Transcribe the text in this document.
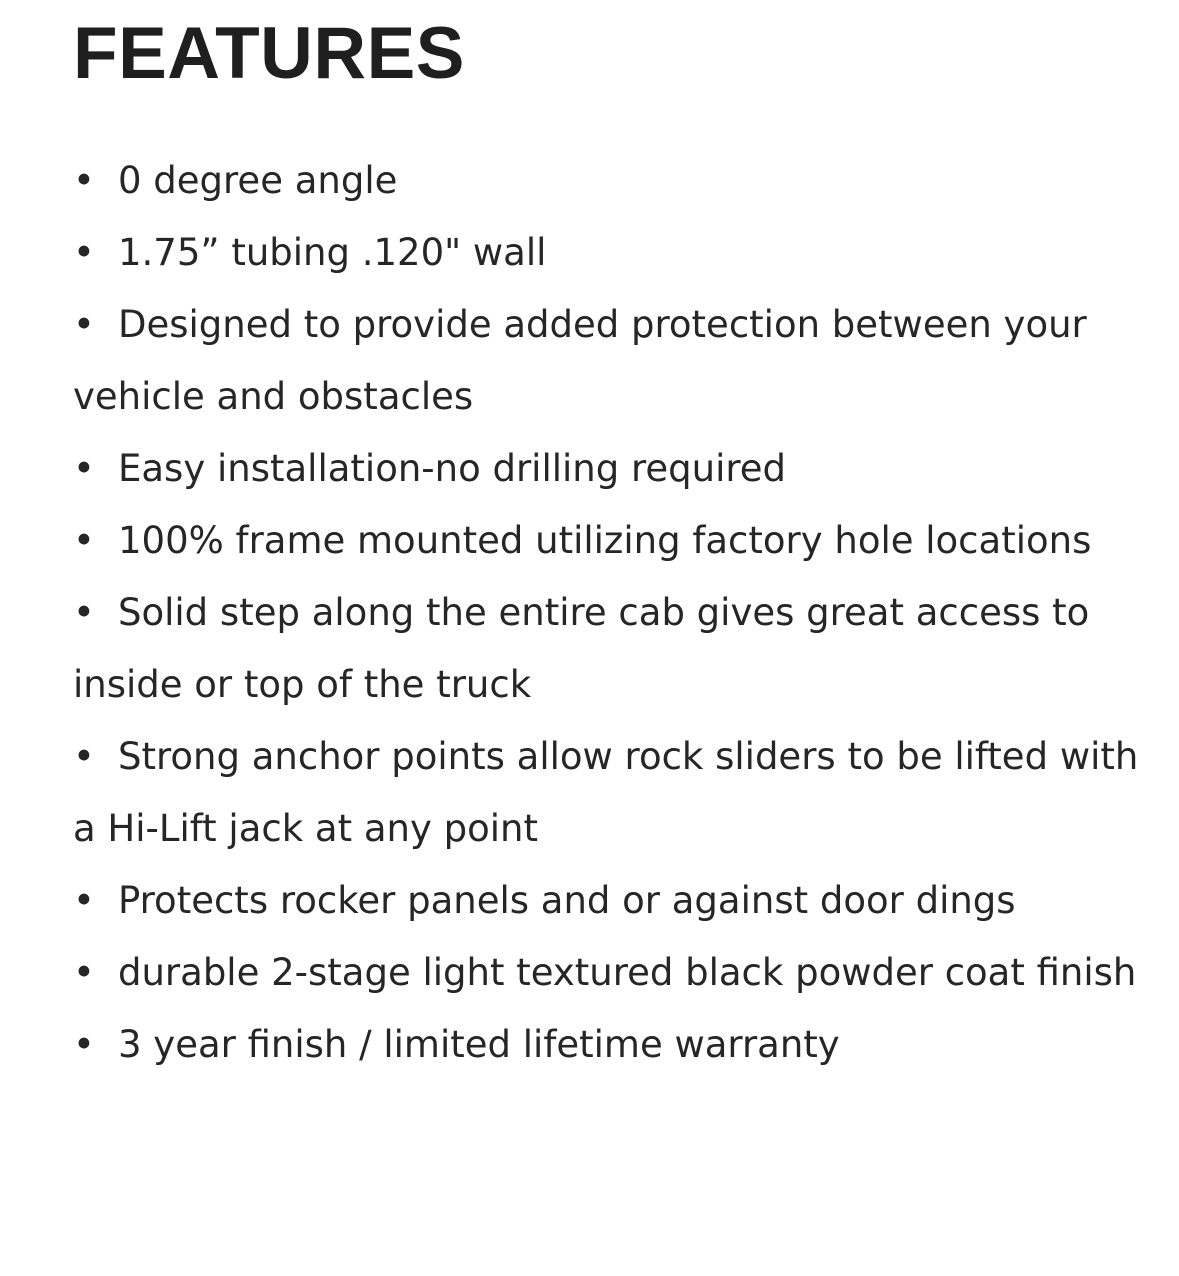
FEATURES
• 0 degree angle
• 1.75” tubing .120" wall
• Designed to provide added protection between your vehicle and obstacles
• Easy installation-no drilling required
• 100% frame mounted utilizing factory hole locations
• Solid step along the entire cab gives great access to inside or top of the truck
• Strong anchor points allow rock sliders to be lifted with a Hi-Lift jack at any point
• Protects rocker panels and or against door dings
• durable 2-stage light textured black powder coat finish
• 3 year finish / limited lifetime warranty
